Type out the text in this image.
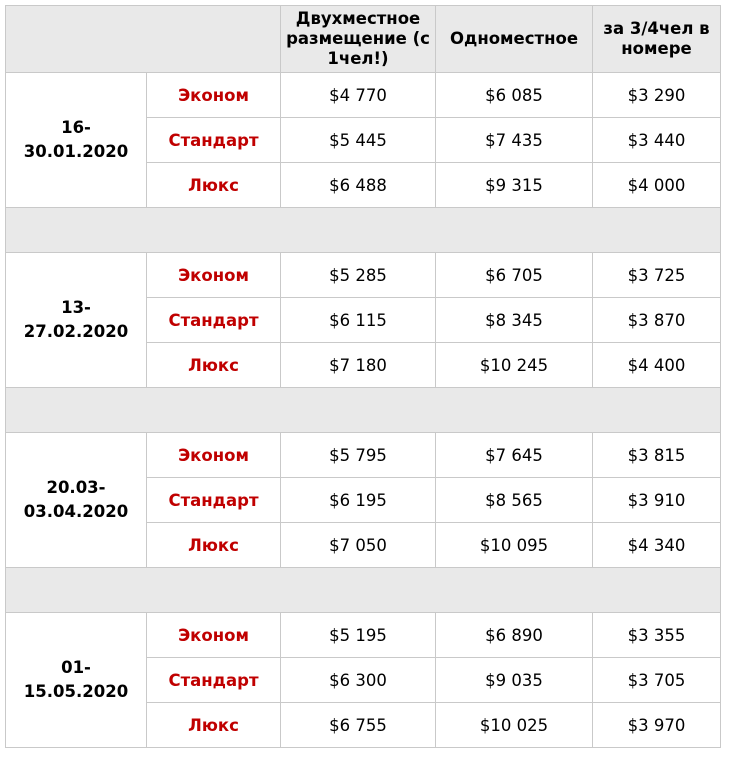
		Двухместное размещение (с 1чел!)	Одноместное	за 3/4чел в номере
16-
30.01.2020	Эконом	$4 770	$6 085	$3 290
	Стандарт	$5 445	$7 435	$3 440
	Люкс	$6 488	$9 315	$4 000

13-
27.02.2020	Эконом	$5 285	$6 705	$3 725
	Стандарт	$6 115	$8 345	$3 870
	Люкс	$7 180	$10 245	$4 400

20.03-
03.04.2020	Эконом	$5 795	$7 645	$3 815
	Стандарт	$6 195	$8 565	$3 910
	Люкс	$7 050	$10 095	$4 340

01-
15.05.2020	Эконом	$5 195	$6 890	$3 355
	Стандарт	$6 300	$9 035	$3 705
	Люкс	$6 755	$10 025	$3 970
